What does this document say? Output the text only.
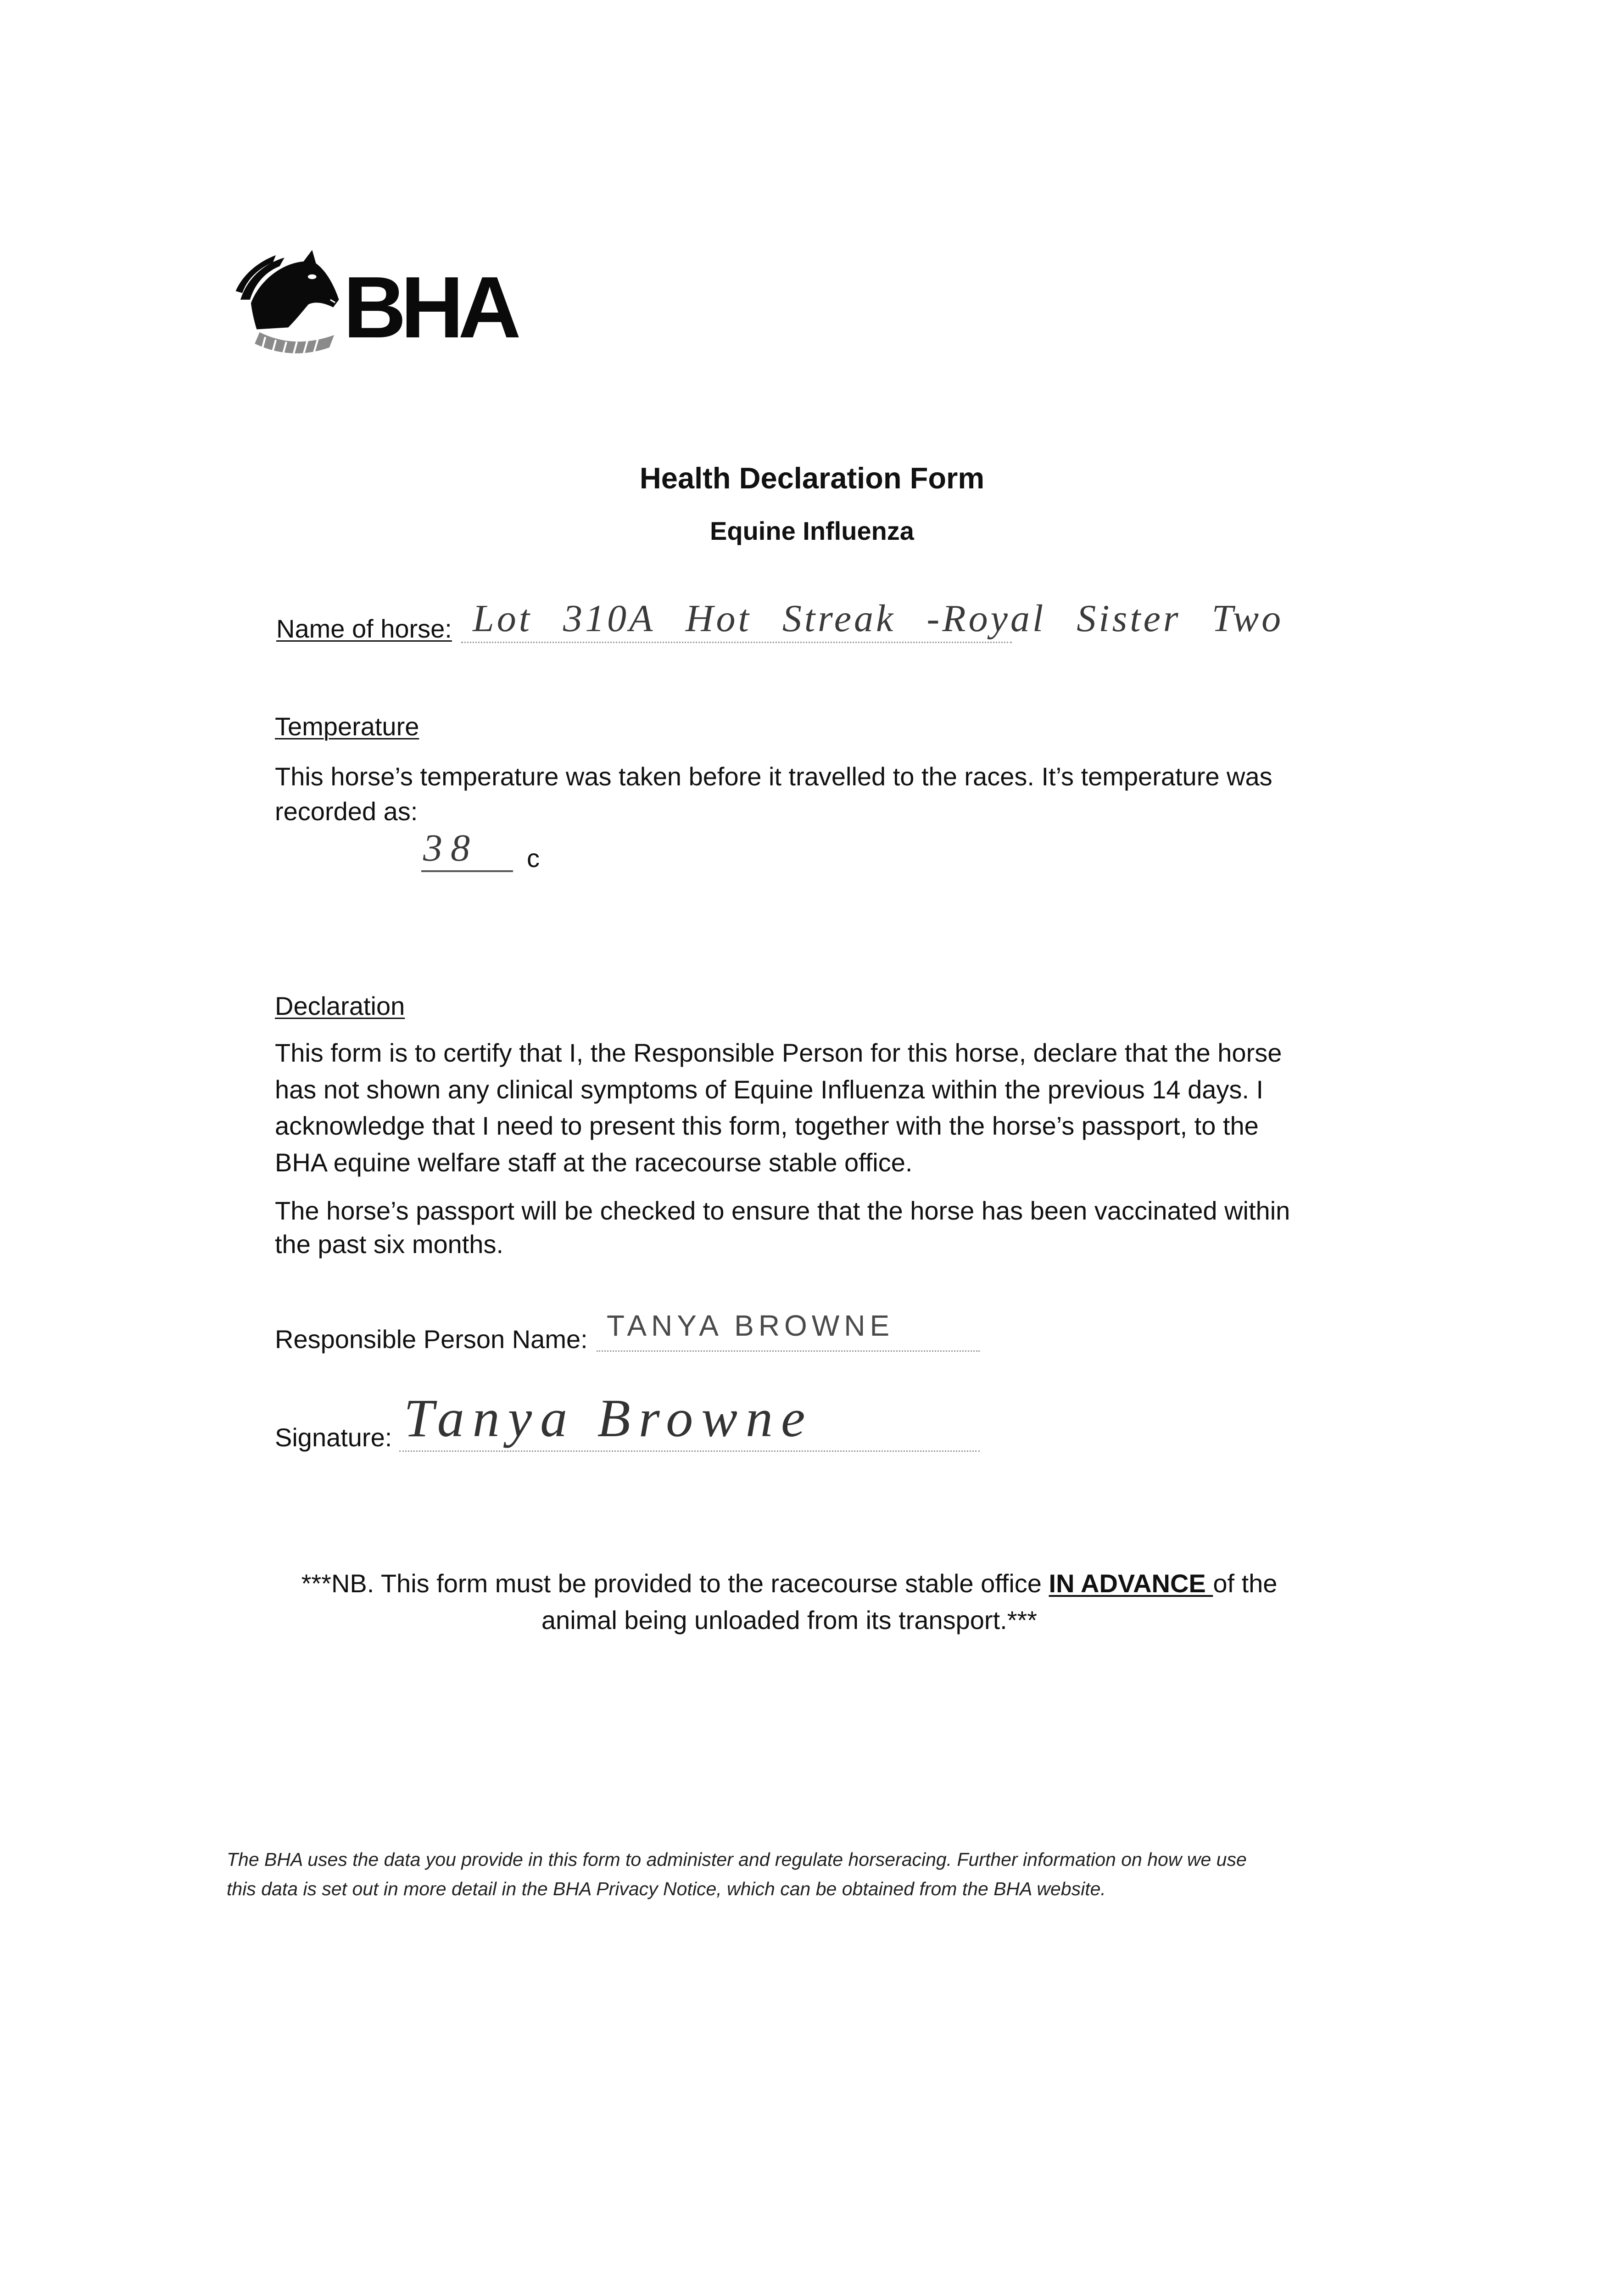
BHA
Health Declaration Form
Equine Influenza
Name of horse: Lot 310A Hot Streak -Royal Sister Two
Temperature
This horse’s temperature was taken before it travelled to the races. It’s temperature was
recorded as:
38 c
Declaration
This form is to certify that I, the Responsible Person for this horse, declare that the horse
has not shown any clinical symptoms of Equine Influenza within the previous 14 days. I
acknowledge that I need to present this form, together with the horse’s passport, to the
BHA equine welfare staff at the racecourse stable office.
The horse’s passport will be checked to ensure that the horse has been vaccinated within
the past six months.
Responsible Person Name: TANYA BROWNE
Signature: Tanya Browne
***NB. This form must be provided to the racecourse stable office IN ADVANCE of the
animal being unloaded from its transport.***
The BHA uses the data you provide in this form to administer and regulate horseracing. Further information on how we use
this data is set out in more detail in the BHA Privacy Notice, which can be obtained from the BHA website.
